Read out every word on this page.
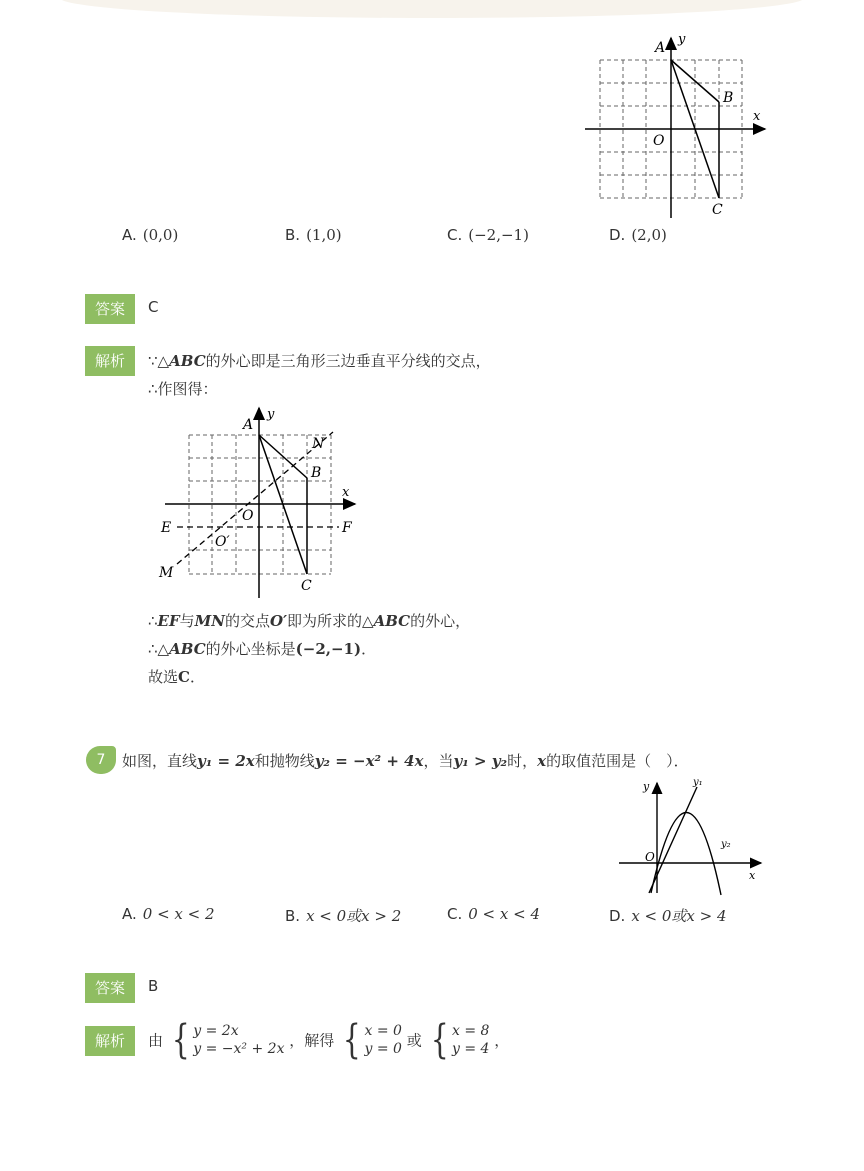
A
y
B
x
O
C
A. (0,0)	B. (1,0)	C. (−2,−1)	D. (2,0)
答案	C
解析	∵△ABC的外心即是三角形三边垂直平分线的交点，
∴作图得：
A
y
N
B
x
O
E	F
O′
M
C
∴EF与MN的交点O′即为所求的△ABC的外心，
∴△ABC的外心坐标是(−2,−1)．
故选C．
7	如图，直线y₁ = 2x和抛物线y₂ = −x² + 4x，当y₁ > y₂时，x的取值范围是（　）．
y	y₁
y₂
O
x
A. 0 < x < 2	B. x < 0或x > 2	C. 0 < x < 4	D. x < 0或x > 4
答案	B
解析	由 { y = 2x
y = −x² + 2x ，解得 { x = 0
y = 0 或 { x = 8
y = 4 ，
